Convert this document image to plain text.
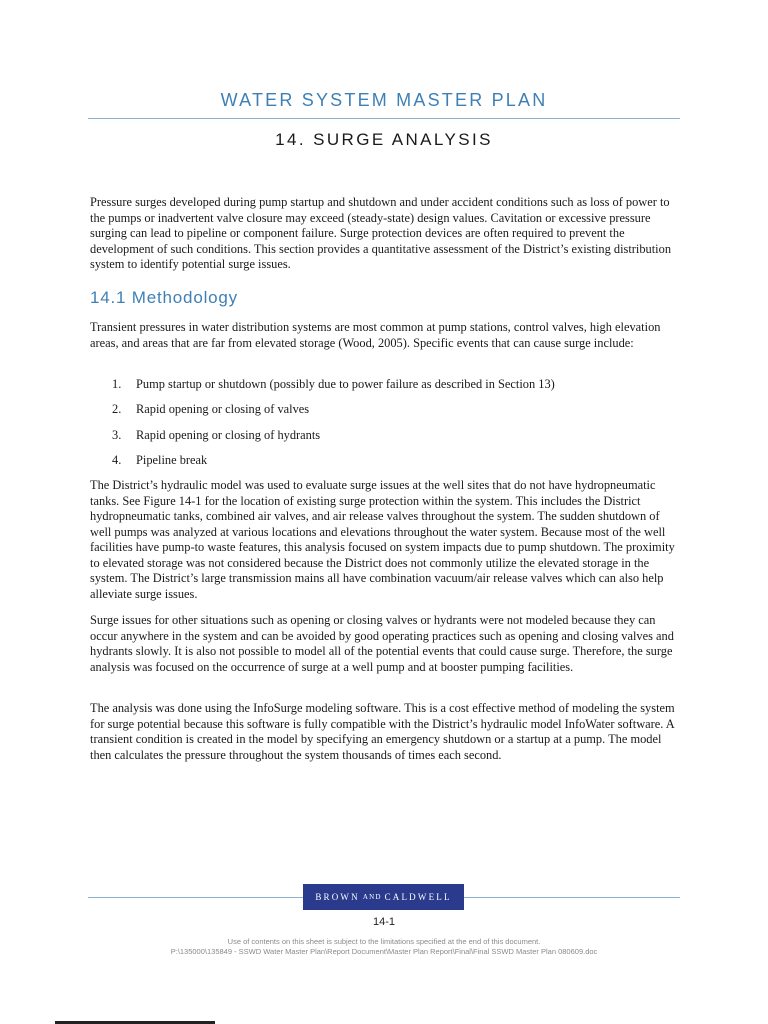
WATER SYSTEM MASTER PLAN
14. SURGE ANALYSIS

Pressure surges developed during pump startup and shutdown and under accident conditions such as loss of power to the pumps or inadvertent valve closure may exceed (steady-state) design values. Cavitation or excessive pressure surging can lead to pipeline or component failure. Surge protection devices are often required to prevent the development of such conditions. This section provides a quantitative assessment of the District’s existing distribution system to identify potential surge issues.

14.1 Methodology

Transient pressures in water distribution systems are most common at pump stations, control valves, high elevation areas, and areas that are far from elevated storage (Wood, 2005). Specific events that can cause surge include:

1. Pump startup or shutdown (possibly due to power failure as described in Section 13)
2. Rapid opening or closing of valves
3. Rapid opening or closing of hydrants
4. Pipeline break

The District’s hydraulic model was used to evaluate surge issues at the well sites that do not have hydropneumatic tanks. See Figure 14-1 for the location of existing surge protection within the system. This includes the District hydropneumatic tanks, combined air valves, and air release valves throughout the system. The sudden shutdown of well pumps was analyzed at various locations and elevations throughout the water system. Because most of the well facilities have pump-to waste features, this analysis focused on system impacts due to pump shutdown. The proximity to elevated storage was not considered because the District does not commonly utilize the elevated storage in the system. The District’s large transmission mains all have combination vacuum/air release valves which can also help alleviate surge issues.

Surge issues for other situations such as opening or closing valves or hydrants were not modeled because they can occur anywhere in the system and can be avoided by good operating practices such as opening and closing valves and hydrants slowly. It is also not possible to model all of the potential events that could cause surge. Therefore, the surge analysis was focused on the occurrence of surge at a well pump and at booster pumping facilities.

The analysis was done using the InfoSurge modeling software. This is a cost effective method of modeling the system for surge potential because this software is fully compatible with the District’s hydraulic model InfoWater software. A transient condition is created in the model by specifying an emergency shutdown or a startup at a pump. The model then calculates the pressure throughout the system thousands of times each second.

BROWN AND CALDWELL
14-1
Use of contents on this sheet is subject to the limitations specified at the end of this document.
P:\135000\135849 - SSWD Water Master Plan\Report Document\Master Plan Report\Final\Final SSWD Master Plan 080609.doc
